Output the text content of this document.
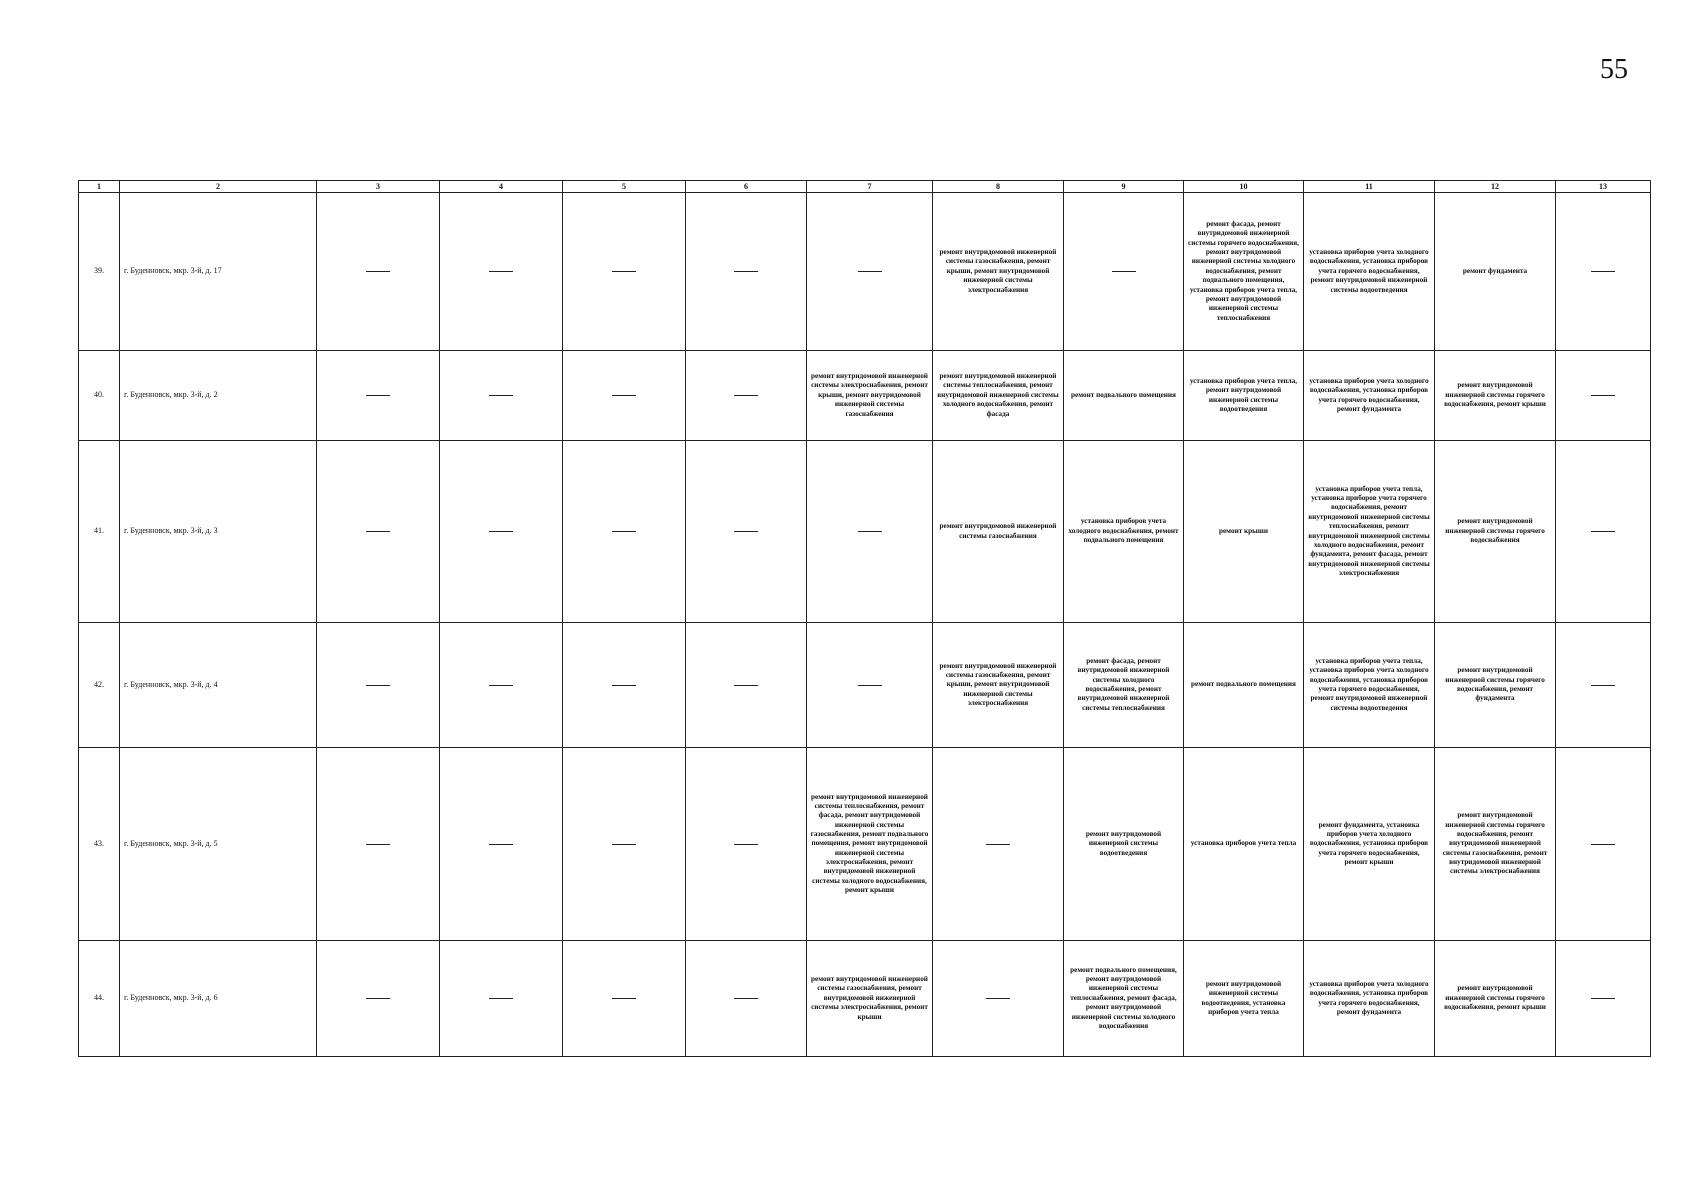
55
1	2	3	4	5	6	7	8	9	10	11	12	13
39.	г. Буденновск, мкр. 3-й, д. 17						ремонт внутридомовой инженерной системы газоснабжения, ремонт крыши, ремонт внутридомовой инженерной системы электроснабжения		ремонт фасада, ремонт внутридомовой инженерной системы горячего водоснабжения, ремонт внутридомовой инженерной системы холодного водоснабжения, ремонт подвального помещения, установка приборов учета тепла, ремонт внутридомовой инженерной системы теплоснабжения	установка приборов учета холодного водоснабжения, установка приборов учета горячего водоснабжения, ремонт внутридомовой инженерной системы водоотведения	ремонт фундамента	
40.	г. Буденновск, мкр. 3-й, д. 2					ремонт внутридомовой инженерной системы электроснабжения, ремонт крыши, ремонт внутридомовой инженерной системы газоснабжения	ремонт внутридомовой инженерной системы теплоснабжения, ремонт внутридомовой инженерной системы холодного водоснабжения, ремонт фасада	ремонт подвального помещения	установка приборов учета тепла, ремонт внутридомовой инженерной системы водоотведения	установка приборов учета холодного водоснабжения, установка приборов учета горячего водоснабжения, ремонт фундамента	ремонт внутридомовой инженерной системы горячего водоснабжения, ремонт крыши	
41.	г. Буденновск, мкр. 3-й, д. 3						ремонт внутридомовой инженерной системы газоснабжения	установка приборов учета холодного водоснабжения, ремонт подвального помещения	ремонт крыши	установка приборов учета тепла, установка приборов учета горячего водоснабжения, ремонт внутридомовой инженерной системы теплоснабжения, ремонт внутридомовой инженерной системы холодного водоснабжения, ремонт фундамента, ремонт фасада, ремонт внутридомовой инженерной системы электроснабжения	ремонт внутридомовой инженерной системы горячего водоснабжения	
42.	г. Буденновск, мкр. 3-й, д. 4						ремонт внутридомовой инженерной системы газоснабжения, ремонт крыши, ремонт внутридомовой инженерной системы электроснабжения	ремонт фасада, ремонт внутридомовой инженерной системы холодного водоснабжения, ремонт внутридомовой инженерной системы теплоснабжения	ремонт подвального помещения	установка приборов учета тепла, установка приборов учета холодного водоснабжения, установка приборов учета горячего водоснабжения, ремонт внутридомовой инженерной системы водоотведения	ремонт внутридомовой инженерной системы горячего водоснабжения, ремонт фундамента	
43.	г. Буденновск, мкр. 3-й, д. 5					ремонт внутридомовой инженерной системы теплоснабжения, ремонт фасада, ремонт внутридомовой инженерной системы газоснабжения, ремонт подвального помещения, ремонт внутридомовой инженерной системы электроснабжения, ремонт внутридомовой инженерной системы холодного водоснабжения, ремонт крыши		ремонт внутридомовой инженерной системы водоотведения	установка приборов учета тепла	ремонт фундамента, установка приборов учета холодного водоснабжения, установка приборов учета горячего водоснабжения, ремонт крыши	ремонт внутридомовой инженерной системы горячего водоснабжения, ремонт внутридомовой инженерной системы газоснабжения, ремонт внутридомовой инженерной системы электроснабжения	
44.	г. Буденновск, мкр. 3-й, д. 6					ремонт внутридомовой инженерной системы газоснабжения, ремонт внутридомовой инженерной системы электроснабжения, ремонт крыши		ремонт подвального помещения, ремонт внутридомовой инженерной системы теплоснабжения, ремонт фасада, ремонт внутридомовой инженерной системы холодного водоснабжения	ремонт внутридомовой инженерной системы водоотведения, установка приборов учета тепла	установка приборов учета холодного водоснабжения, установка приборов учета горячего водоснабжения, ремонт фундамента	ремонт внутридомовой инженерной системы горячего водоснабжения, ремонт крыши	
